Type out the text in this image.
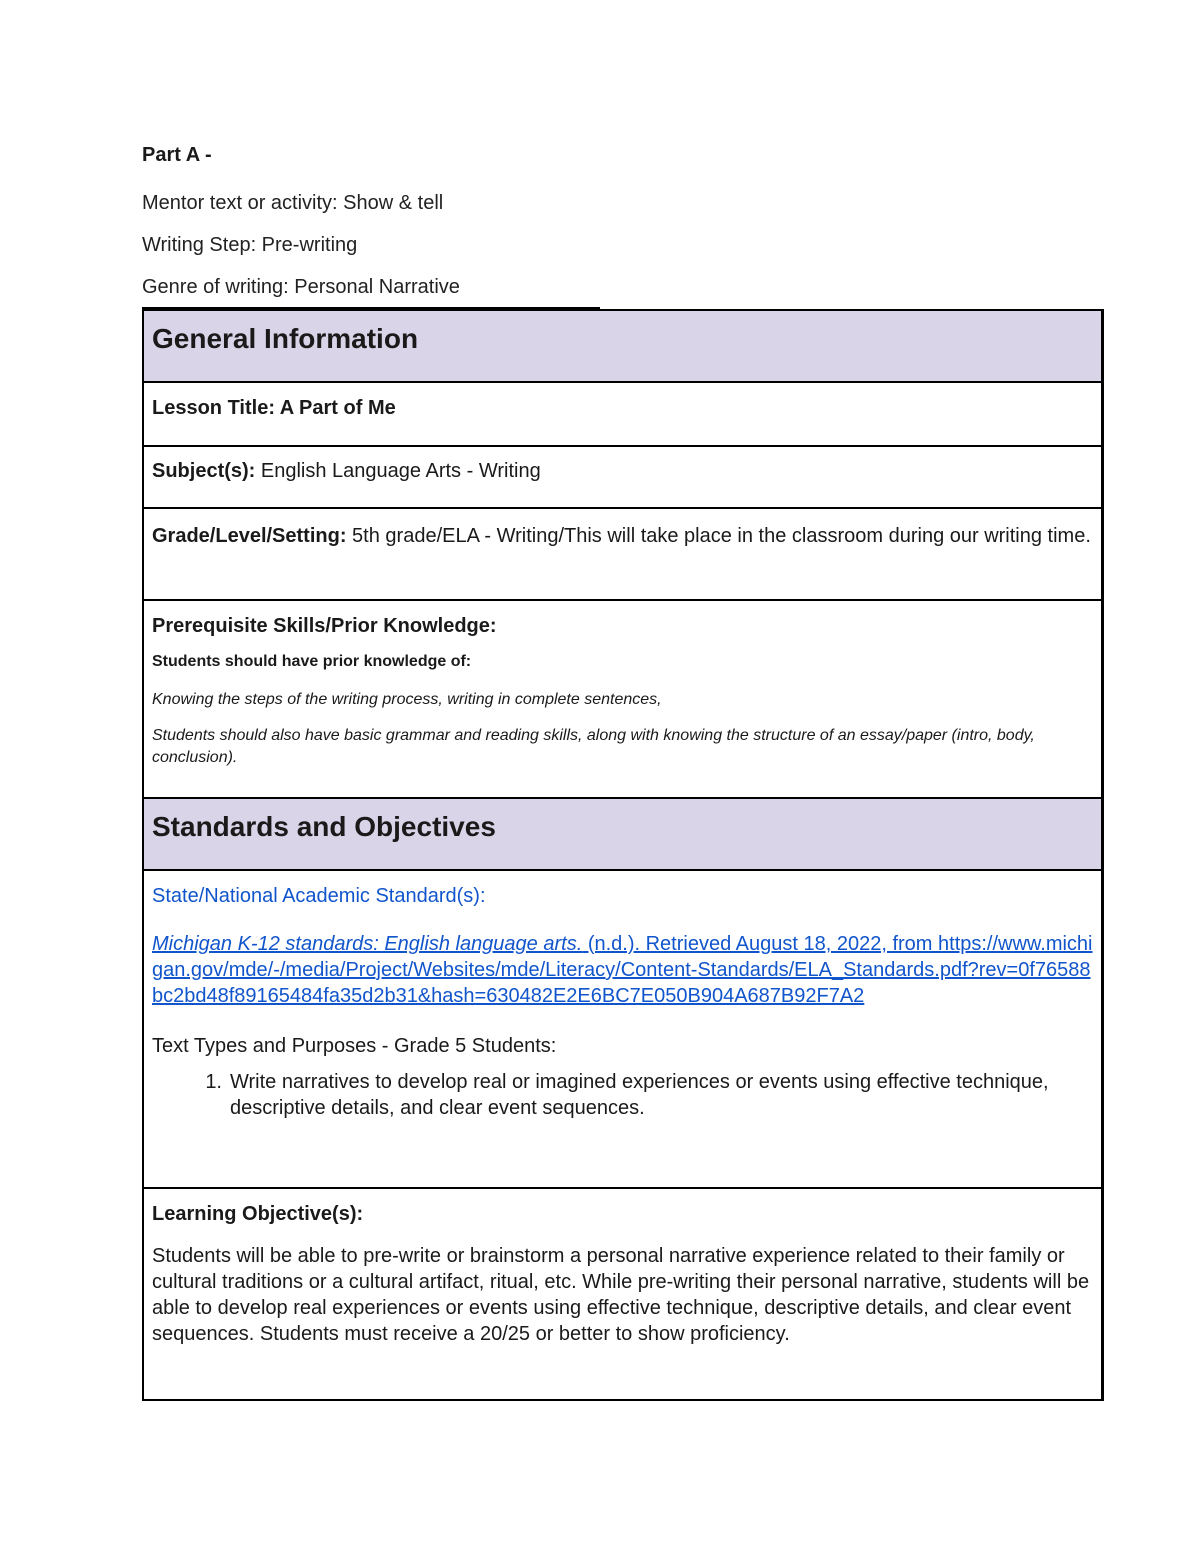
Part A -
Mentor text or activity: Show & tell
Writing Step: Pre-writing
Genre of writing: Personal Narrative
General Information

Lesson Title: A Part of Me

Subject(s): English Language Arts - Writing

Grade/Level/Setting: 5th grade/ELA - Writing/This will take place in the classroom during our writing time.

Prerequisite Skills/Prior Knowledge:
Students should have prior knowledge of:
Knowing the steps of the writing process, writing in complete sentences,
Students should also have basic grammar and reading skills, along with knowing the structure of an essay/paper (intro, body, conclusion).

Standards and Objectives

State/National Academic Standard(s):
Michigan K-12 standards: English language arts. (n.d.). Retrieved August 18, 2022, from https://www.michigan.gov/mde/-/media/Project/Websites/mde/Literacy/Content-Standards/ELA_Standards.pdf?rev=0f76588bc2bd48f89165484fa35d2b31&hash=630482E2E6BC7E050B904A687B92F7A2
Text Types and Purposes - Grade 5 Students:
1. Write narratives to develop real or imagined experiences or events using effective technique, descriptive details, and clear event sequences.

Learning Objective(s):
Students will be able to pre-write or brainstorm a personal narrative experience related to their family or cultural traditions or a cultural artifact, ritual, etc. While pre-writing their personal narrative, students will be able to develop real experiences or events using effective technique, descriptive details, and clear event sequences. Students must receive a 20/25 or better to show proficiency.
